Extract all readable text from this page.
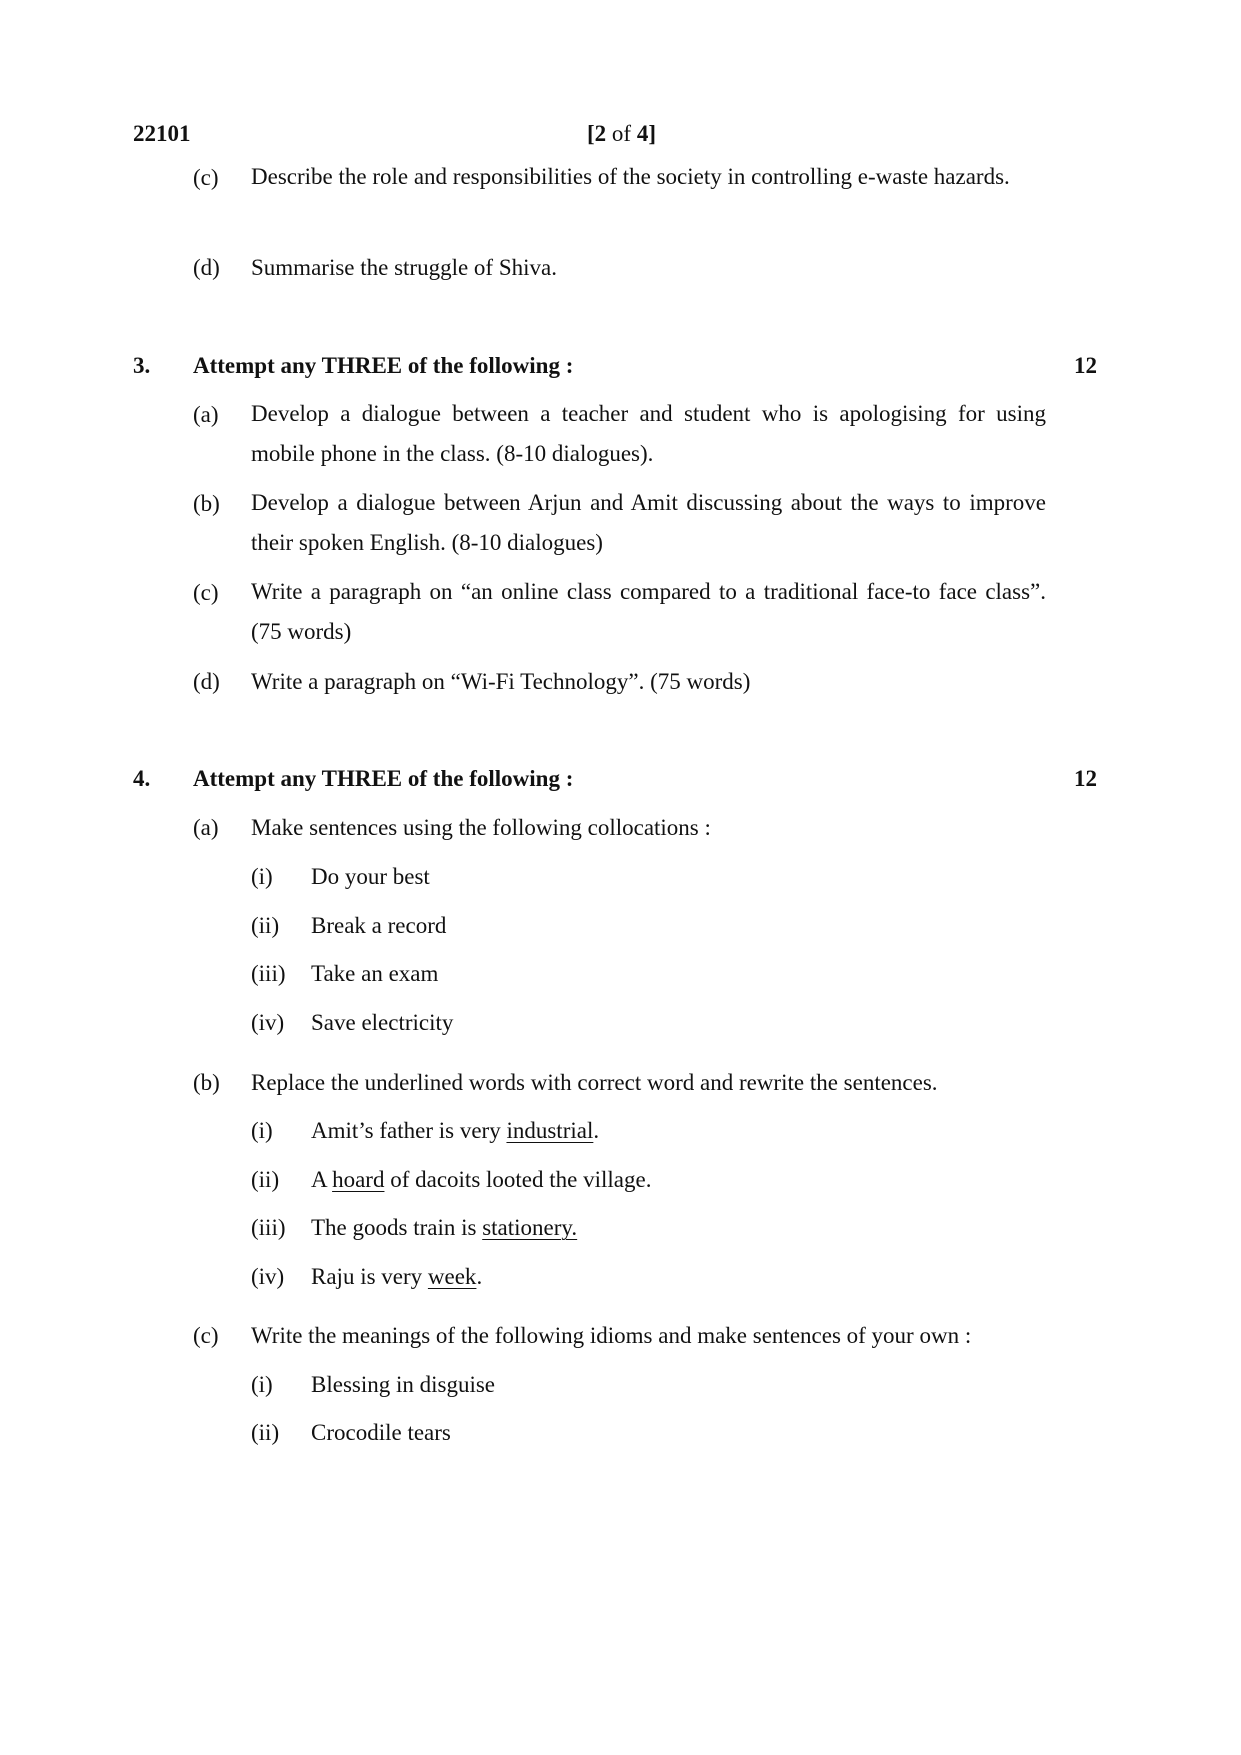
22101	[2 of 4]
(c) Describe the role and responsibilities of the society in controlling e-waste hazards.
(d) Summarise the struggle of Shiva.
3. Attempt any THREE of the following :	12
(a) Develop a dialogue between a teacher and student who is apologising for using mobile phone in the class. (8-10 dialogues).
(b) Develop a dialogue between Arjun and Amit discussing about the ways to improve their spoken English. (8-10 dialogues)
(c) Write a paragraph on “an online class compared to a traditional face-to face class”. (75 words)
(d) Write a paragraph on “Wi-Fi Technology”. (75 words)
4. Attempt any THREE of the following :	12
(a) Make sentences using the following collocations :
(i) Do your best
(ii) Break a record
(iii) Take an exam
(iv) Save electricity
(b) Replace the underlined words with correct word and rewrite the sentences.
(i) Amit’s father is very industrial.
(ii) A hoard of dacoits looted the village.
(iii) The goods train is stationery.
(iv) Raju is very week.
(c) Write the meanings of the following idioms and make sentences of your own :
(i) Blessing in disguise
(ii) Crocodile tears
